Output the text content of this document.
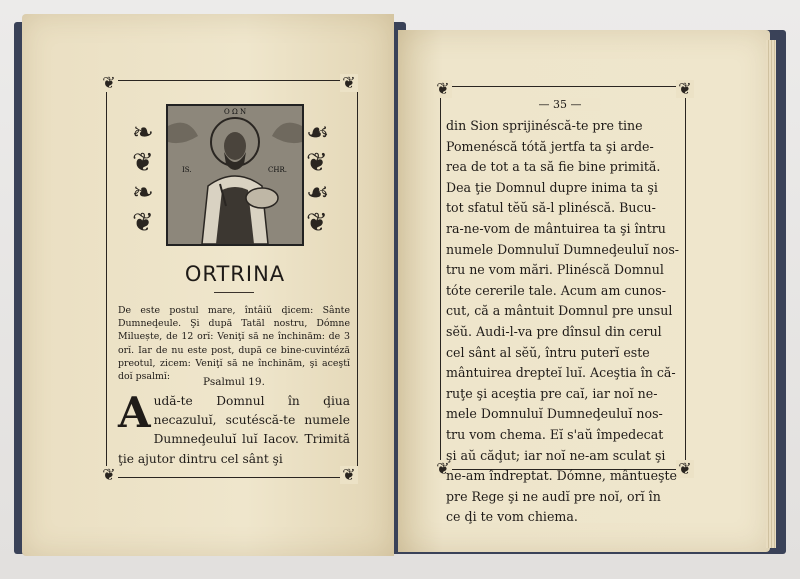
❦	❦
❦	❦
❧
❦
❧
❦
☙
❦
☙
❦
Ο Ω Ν
IS.	CHR.
ORTRINA
De este postul mare, întâiŭ ḑicem: Sânte Dumneḑeule. Şi după Tatăl nostru, Dómne Miluește, de 12 orĭ: Veniţĭ să ne închinăm: de 3 orĭ. Iar de nu este post, după ce bine-cuvintéză preotul, zicem: Veniţĭ să ne închinăm, şi aceştĭ doĭ psalmĭ:	Psalmul 19.
A udă-te Domnul în ḑiua necazuluĭ, scutéscă-te numele Dumneḑeuluĭ luĭ Iacov. Trimită ţie ajutor dintru cel sânt şi
❦	❦
❦	❦
— 35 —
din Sion sprijinéscă-te pre tine
Pomenéscă tótă jertfa ta şi arde-
rea de tot a ta să fie bine primită.
Dea ţie Domnul dupre inima ta şi
tot sfatul tĕŭ să-l plinéscă. Bucu-
ra-ne-vom de mântuirea ta şi întru
numele Domnuluĭ Dumneḑeuluĭ nos-
tru ne vom mări. Plinéscă Domnul
tóte cererile tale. Acum am cunos-
cut, că a mântuit Domnul pre unsul
sĕŭ. Audi-l-va pre dînsul din cerul
cel sânt al sĕŭ, întru puterĭ este
mântuirea drepteĭ luĭ. Aceştia în că-
ruţe şi aceştia pre caĭ, iar noĭ ne-
mele Domnuluĭ Dumneḑeuluĭ nos-
tru vom chema. Eĭ s'aŭ împedecat
şi aŭ căḑut; iar noĭ ne-am sculat şi
ne-am îndreptat. Dómne, mântueşte
pre Rege şi ne audĭ pre noĭ, orĭ în
ce ḑi te vom chiema.
